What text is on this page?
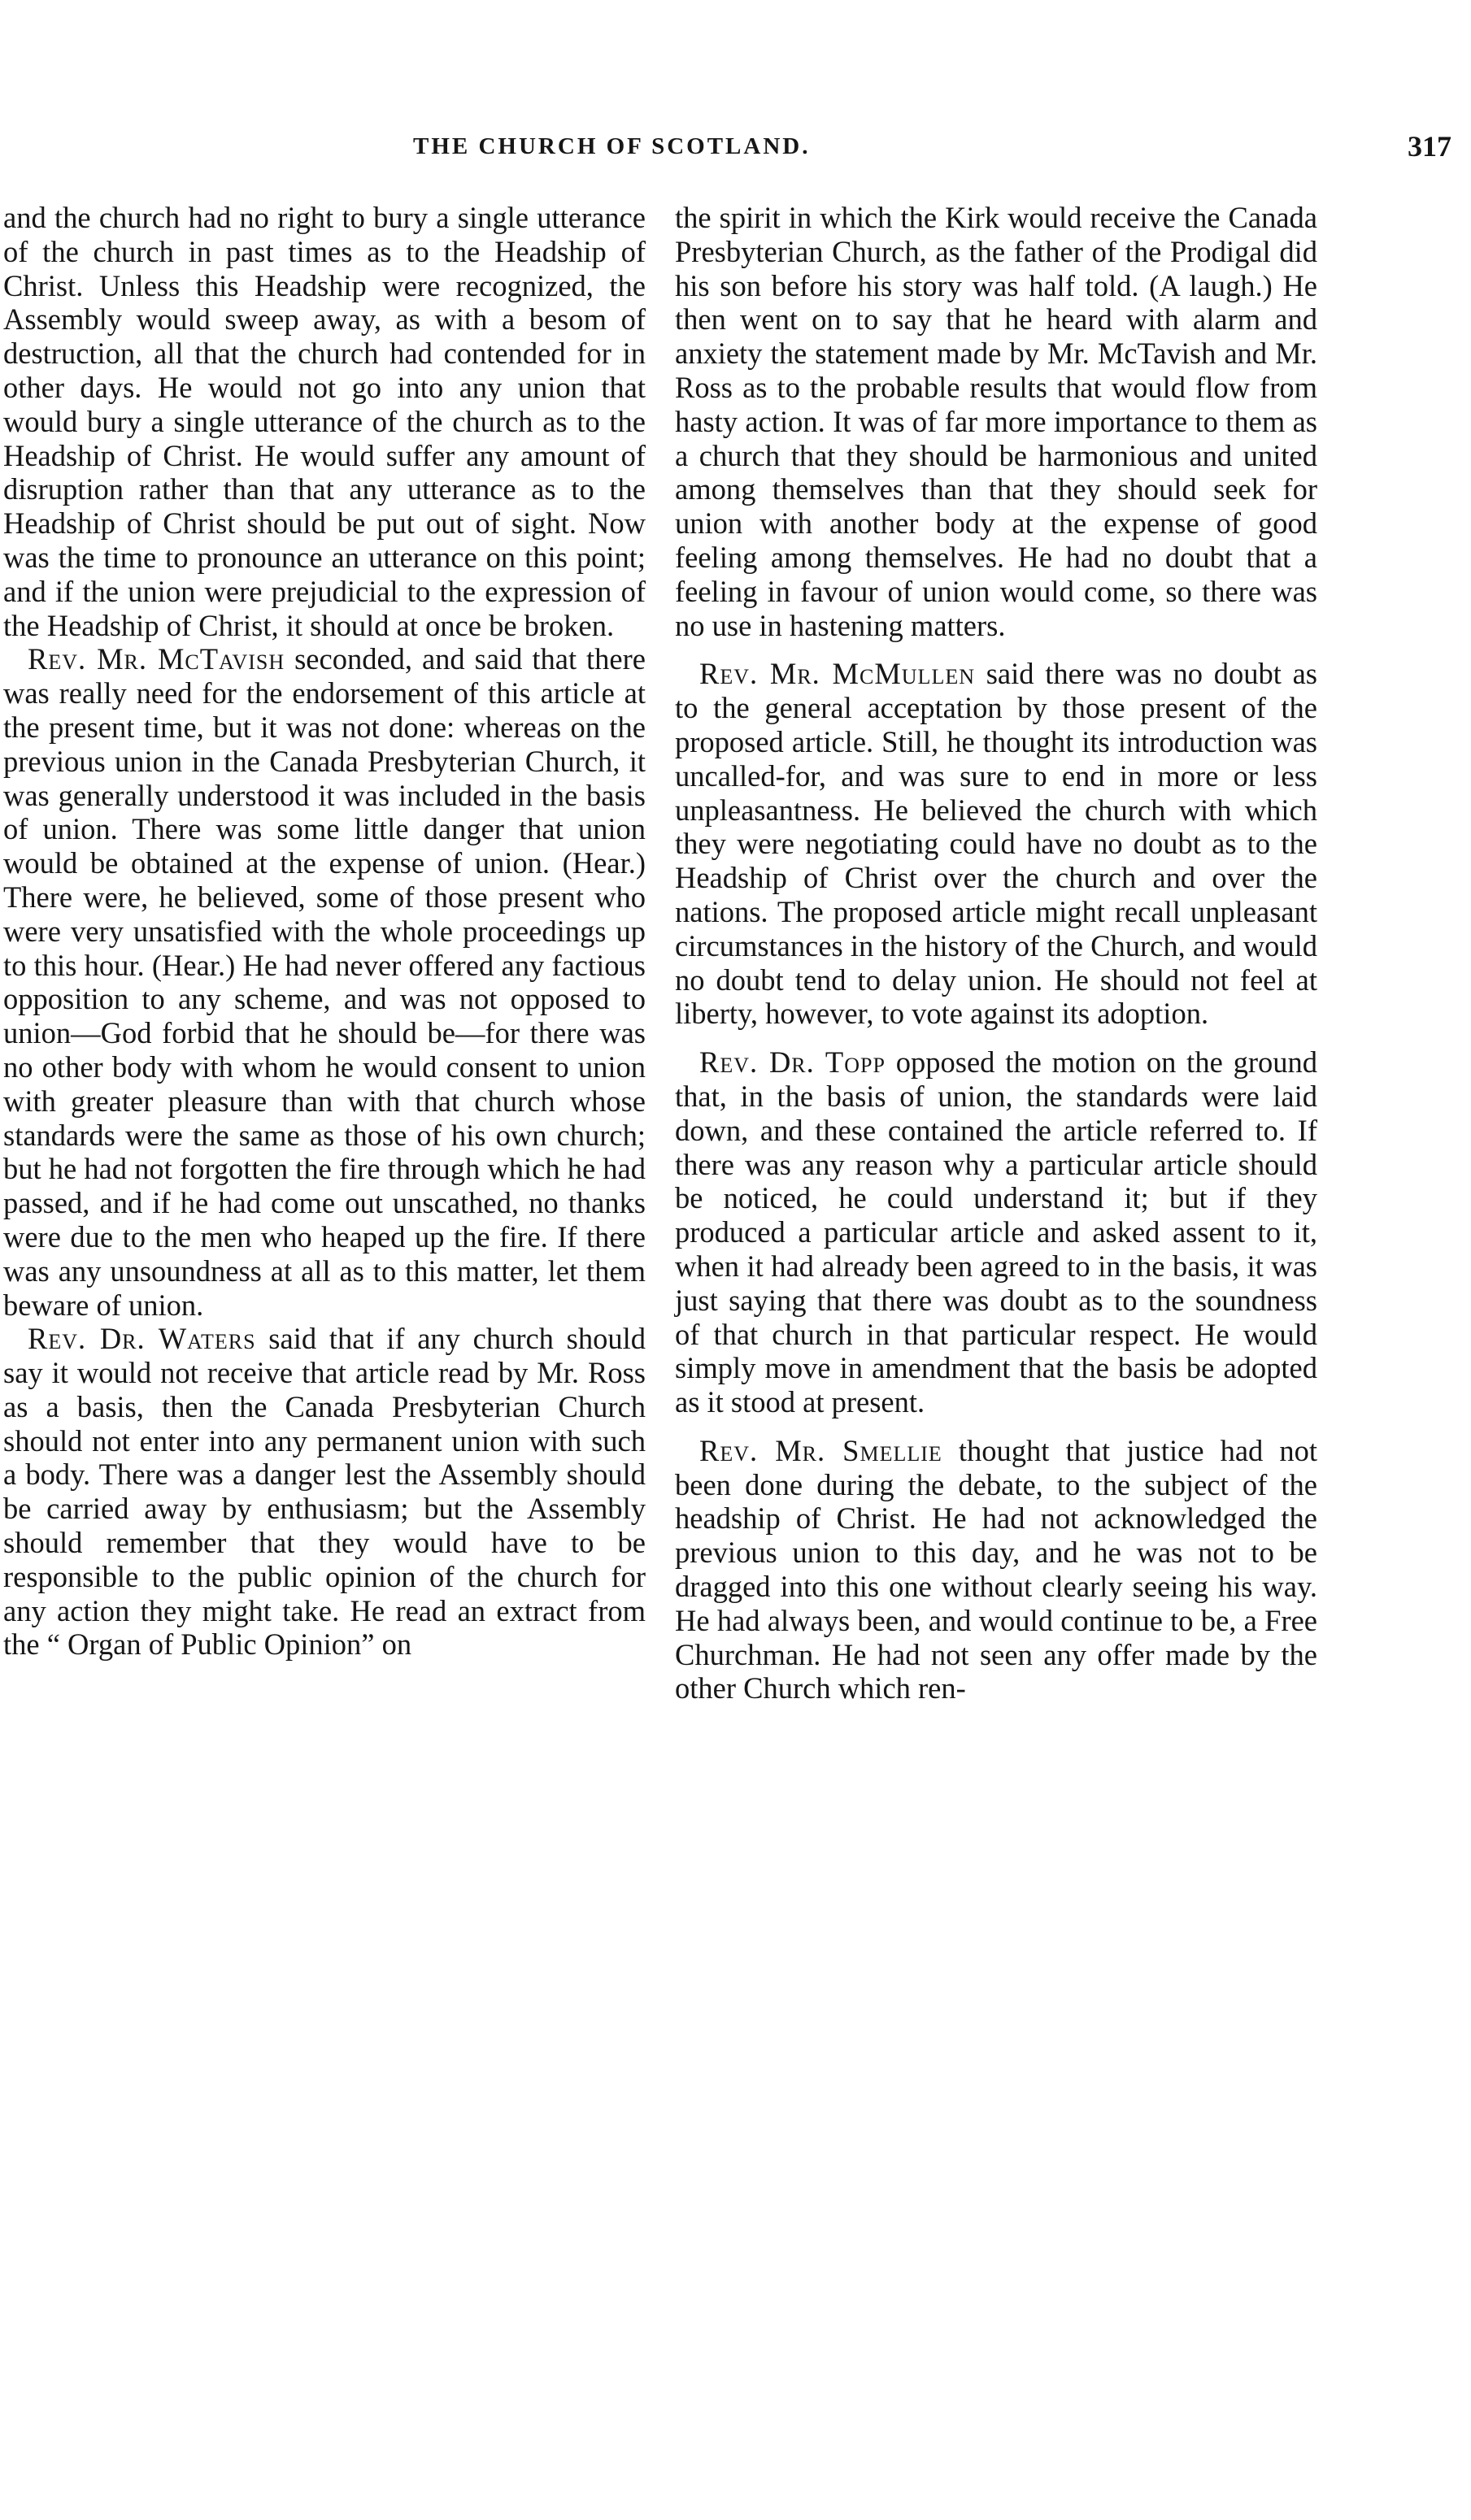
THE CHURCH OF SCOTLAND.	317

and the church had no right to bury a single utterance of the church in past times as to the Headship of Christ. Unless this Headship were recognized, the Assembly would sweep away, as with a besom of destruction, all that the church had contended for in other days. He would not go into any union that would bury a single utterance of the church as to the Headship of Christ. He would suffer any amount of disruption rather than that any utterance as to the Headship of Christ should be put out of sight. Now was the time to pronounce an utterance on this point; and if the union were prejudicial to the expression of the Headship of Christ, it should at once be broken.

Rev. Mr. McTavish seconded, and said that there was really need for the endorsement of this article at the present time, but it was not done: whereas on the previous union in the Canada Presbyterian Church, it was generally understood it was included in the basis of union. There was some little danger that union would be obtained at the expense of union. (Hear.) There were, he believed, some of those present who were very unsatisfied with the whole proceedings up to this hour. (Hear.) He had never offered any factious opposition to any scheme, and was not opposed to union—God forbid that he should be—for there was no other body with whom he would consent to union with greater pleasure than with that church whose standards were the same as those of his own church; but he had not forgotten the fire through which he had passed, and if he had come out unscathed, no thanks were due to the men who heaped up the fire. If there was any unsoundness at all as to this matter, let them beware of union.

Rev. Dr. Waters said that if any church should say it would not receive that article read by Mr. Ross as a basis, then the Canada Presbyterian Church should not enter into any permanent union with such a body. There was a danger lest the Assembly should be carried away by enthusiasm; but the Assembly should remember that they would have to be responsible to the public opinion of the church for any action they might take. He read an extract from the “ Organ of Public Opinion” on

the spirit in which the Kirk would receive the Canada Presbyterian Church, as the father of the Prodigal did his son before his story was half told. (A laugh.) He then went on to say that he heard with alarm and anxiety the statement made by Mr. McTavish and Mr. Ross as to the probable results that would flow from hasty action. It was of far more importance to them as a church that they should be harmonious and united among themselves than that they should seek for union with another body at the expense of good feeling among themselves. He had no doubt that a feeling in favour of union would come, so there was no use in hastening matters.

Rev. Mr. McMullen said there was no doubt as to the general acceptation by those present of the proposed article. Still, he thought its introduction was uncalled-for, and was sure to end in more or less unpleasantness. He believed the church with which they were negotiating could have no doubt as to the Headship of Christ over the church and over the nations. The proposed article might recall unpleasant circumstances in the history of the Church, and would no doubt tend to delay union. He should not feel at liberty, however, to vote against its adoption.

Rev. Dr. Topp opposed the motion on the ground that, in the basis of union, the standards were laid down, and these contained the article referred to. If there was any reason why a particular article should be noticed, he could understand it; but if they produced a particular article and asked assent to it, when it had already been agreed to in the basis, it was just saying that there was doubt as to the soundness of that church in that particular respect. He would simply move in amendment that the basis be adopted as it stood at present.

Rev. Mr. Smellie thought that justice had not been done during the debate, to the subject of the headship of Christ. He had not acknowledged the previous union to this day, and he was not to be dragged into this one without clearly seeing his way. He had always been, and would continue to be, a Free Churchman. He had not seen any offer made by the other Church which ren-
